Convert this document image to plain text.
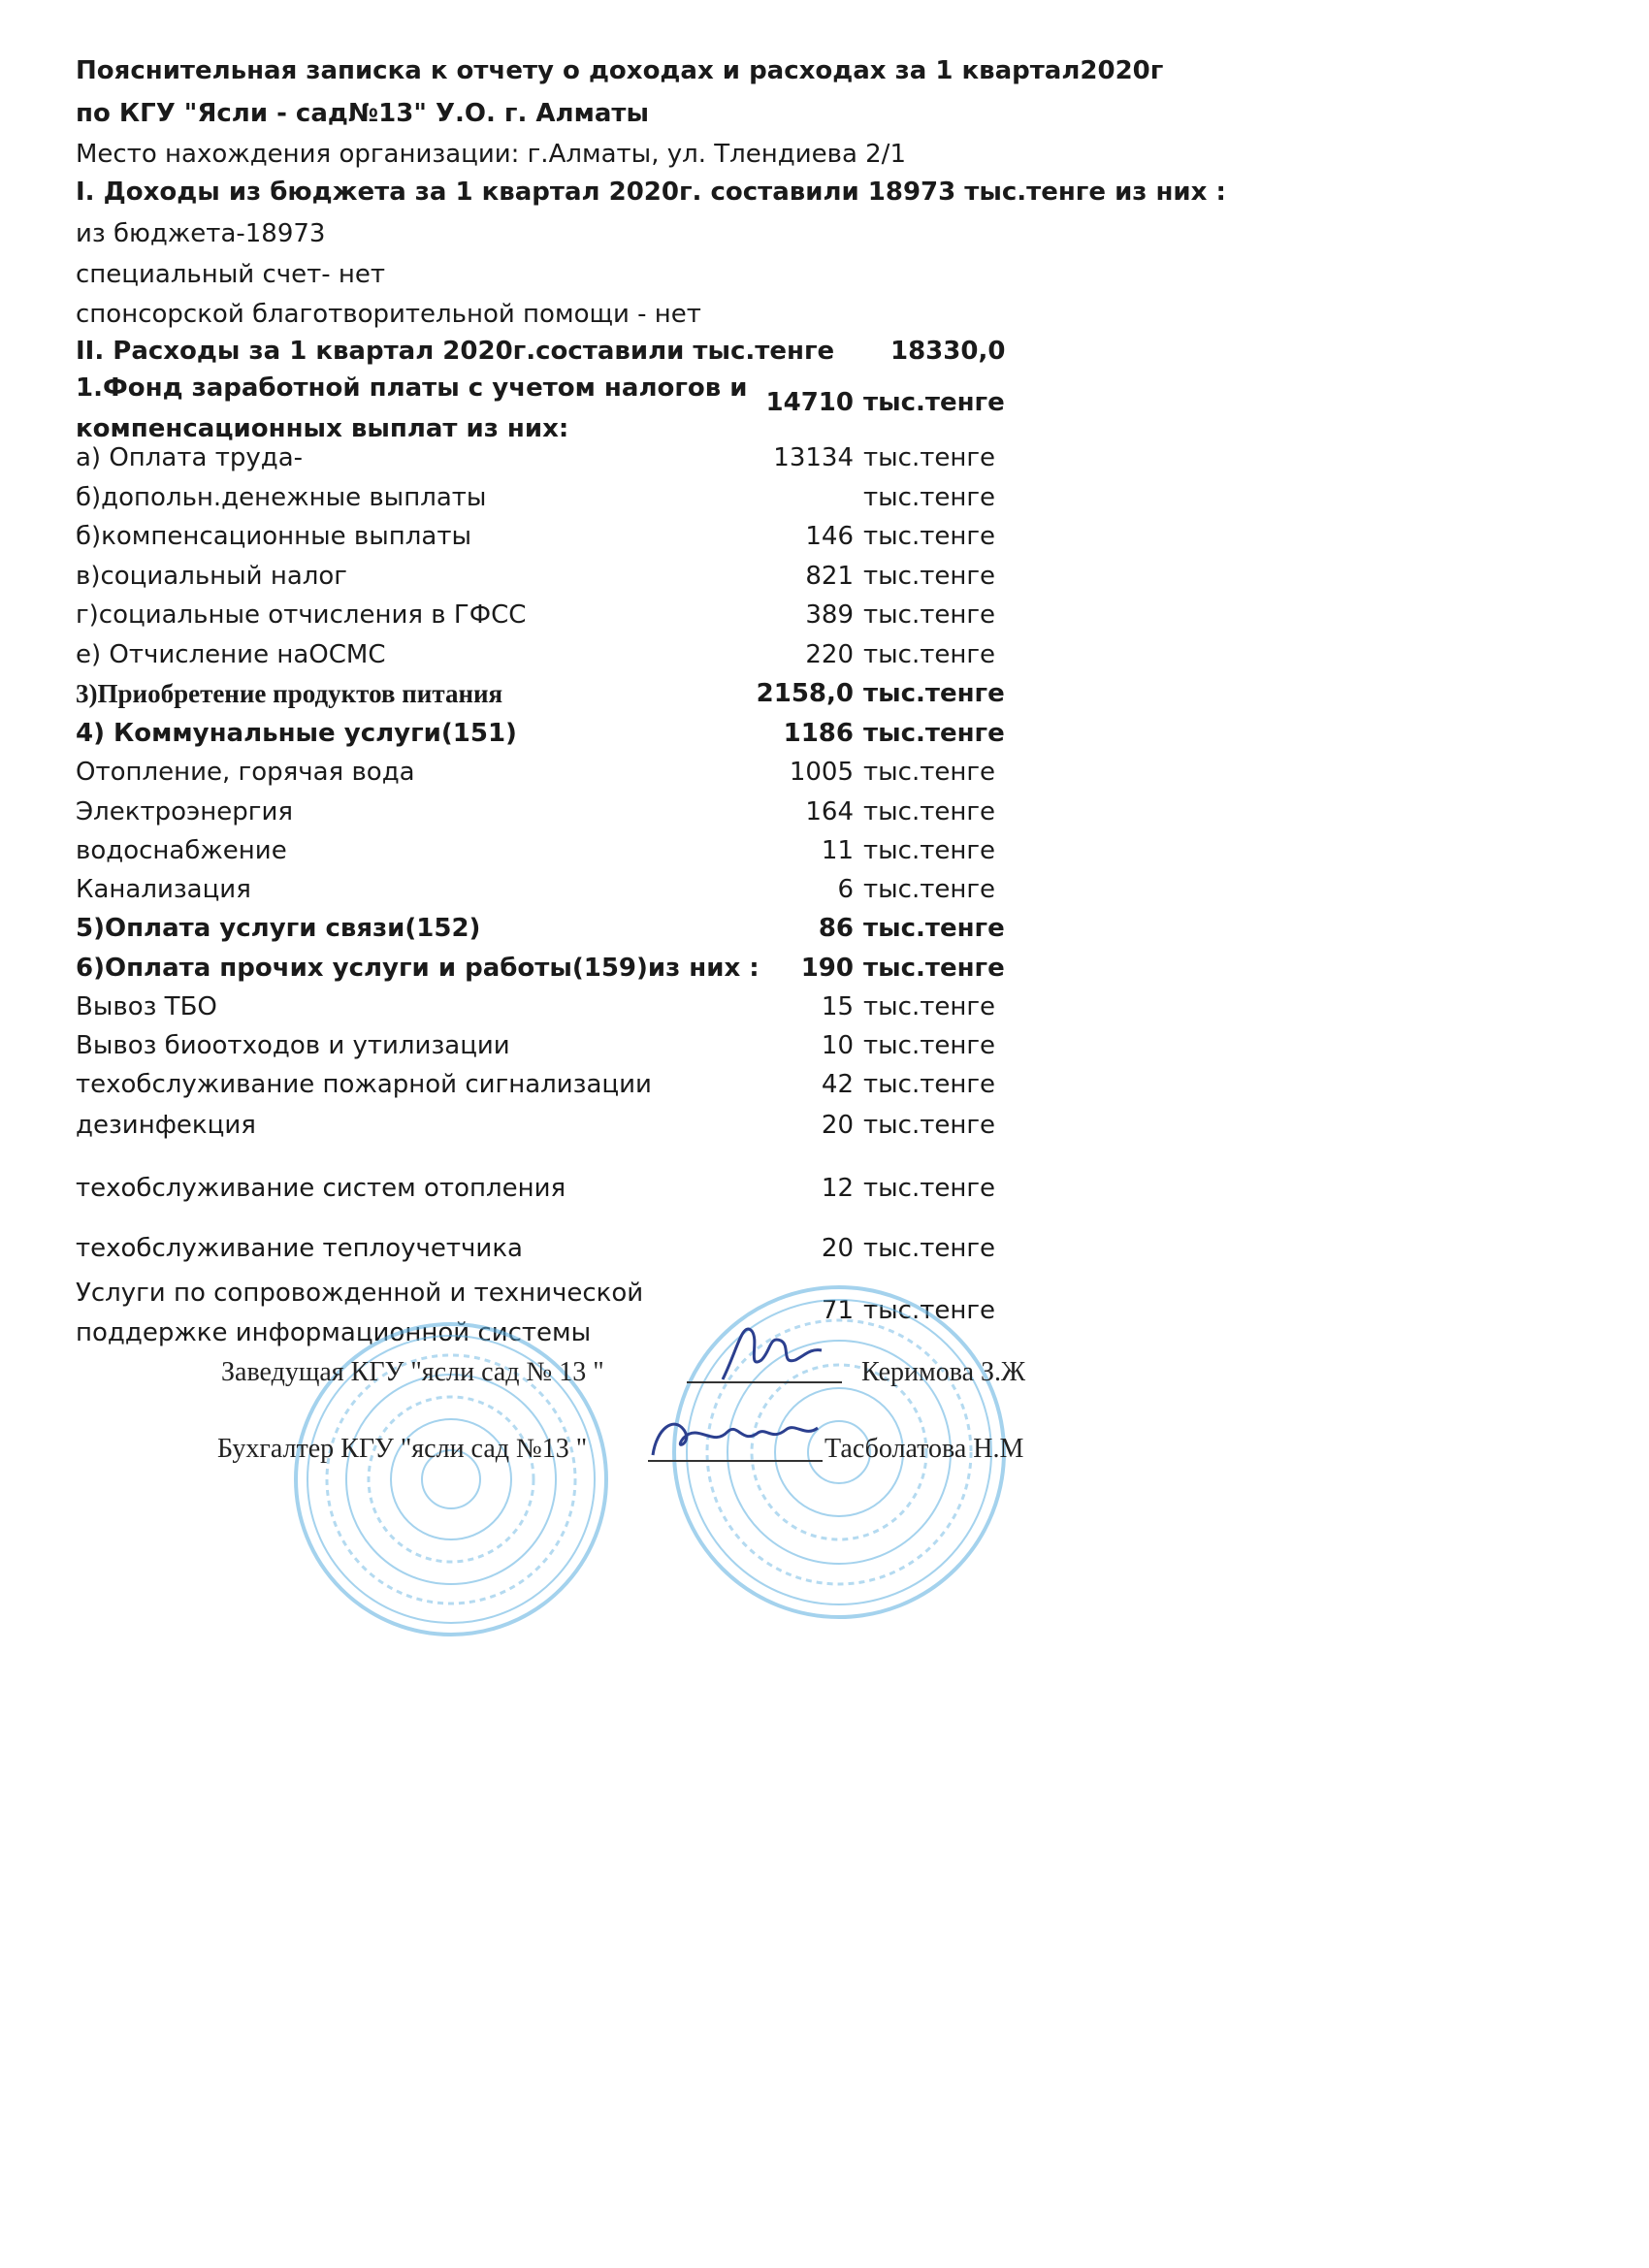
Пояснительная записка к отчету о доходах и расходах за 1 квартал2020г
по КГУ "Ясли - сад№13" У.О. г. Алматы
Место нахождения организации: г.Алматы, ул. Тлендиева 2/1
I. Доходы из бюджета за 1 квартал 2020г. составили 18973 тыс.тенге из них :
из бюджета-18973
специальный счет- нет
спонсорской благотворительной помощи - нет
II. Расходы за 1 квартал 2020г.составили тыс.тенге 18330,0
1.Фонд заработной платы с учетом налогов и
компенсационных выплат из них:
14710 тыс.тенге
а) Оплата труда-	13134 тыс.тенге
б)допольн.денежные выплаты	тыс.тенге
б)компенсационные выплаты	146 тыс.тенге
в)социальный налог	821 тыс.тенге
г)социальные отчисления в ГФСС	389 тыс.тенге
е) Отчисление наОСМС	220 тыс.тенге
3)Приобретение продуктов питания	2158,0 тыс.тенге
4) Коммунальные услуги(151)	1186 тыс.тенге
Отопление, горячая вода	1005 тыс.тенге
Электроэнергия	164 тыс.тенге
водоснабжение	11 тыс.тенге
Канализация	6 тыс.тенге
5)Оплата услуги связи(152)	86 тыс.тенге
6)Оплата прочих услуги и работы(159)из них :	190 тыс.тенге
Вывоз ТБО	15 тыс.тенге
Вывоз биоотходов и утилизации	10 тыс.тенге
техобслуживание пожарной сигнализации	42 тыс.тенге
дезинфекция	20 тыс.тенге
техобслуживание систем отопления	12 тыс.тенге
техобслуживание теплоучетчика	20 тыс.тенге
Услуги по сопровожденной и технической
поддержке информационной системы
71 тыс.тенге
Заведущая КГУ "ясли сад № 13 "	Керимова З.Ж
Бухгалтер КГУ "ясли сад №13 "	Тасболатова Н.М
